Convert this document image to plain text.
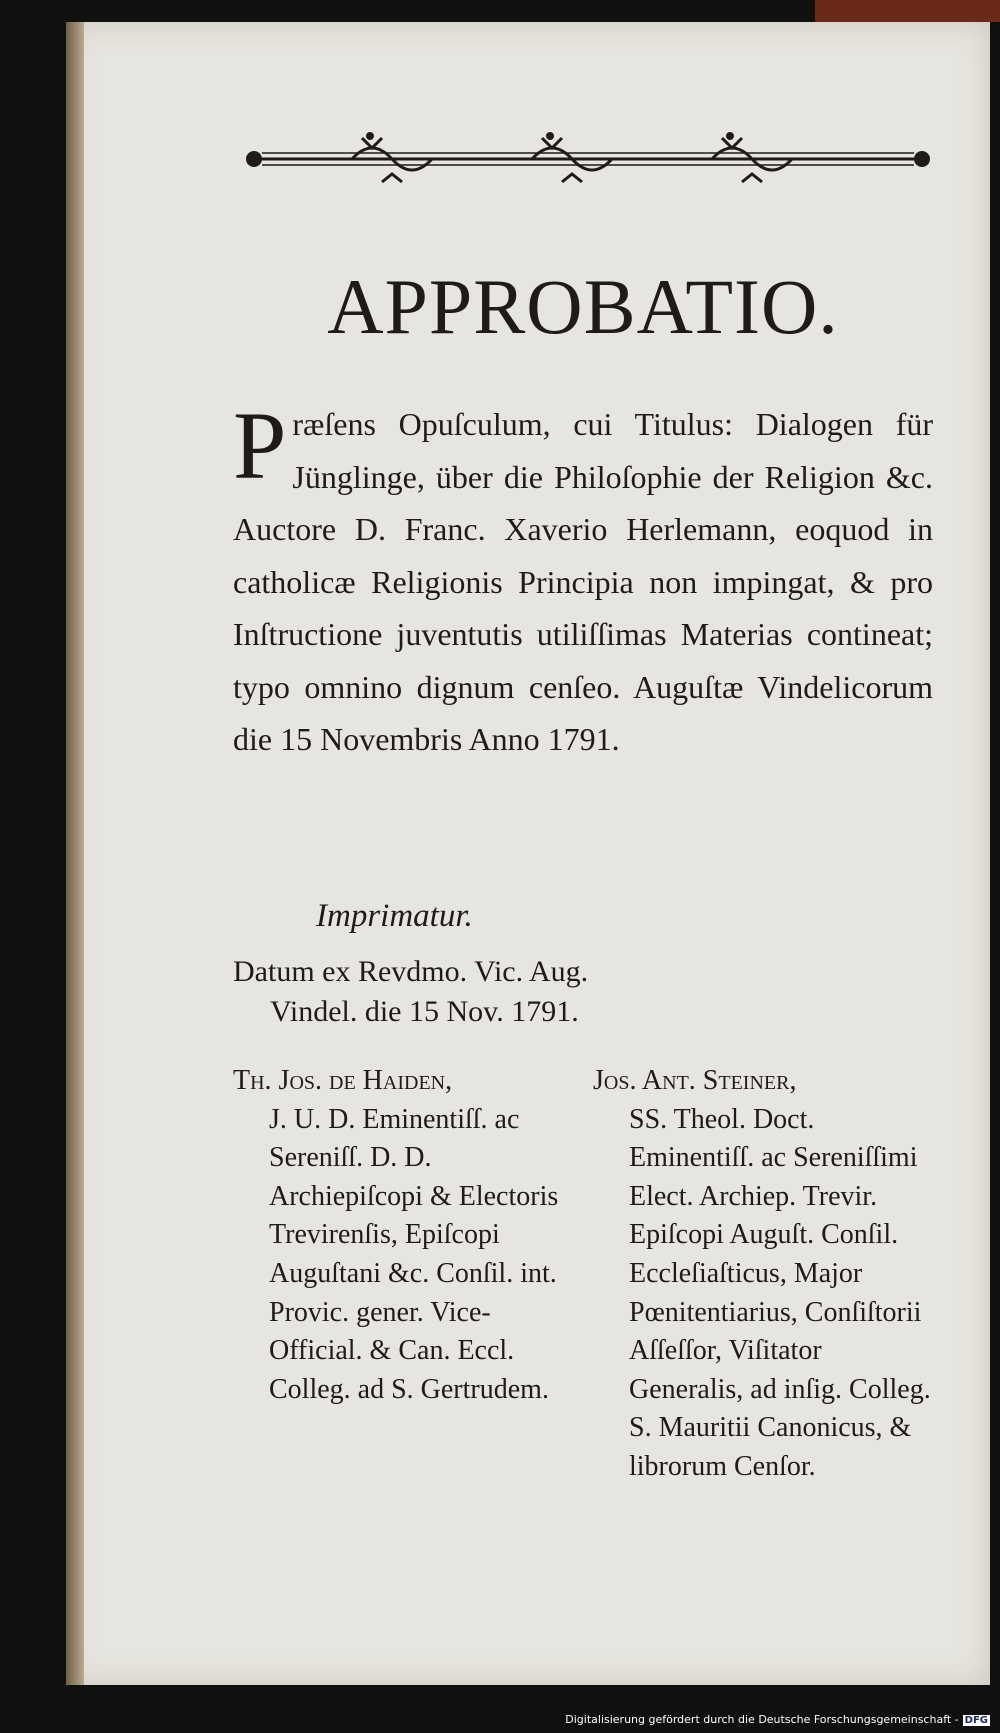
APPROBATIO.
Præſens Opuſculum, cui Titulus: Dialogen für Jünglinge, über die Philoſophie der Religion &c. Auctore D. Franc. Xaverio Herlemann, eoquod in catholicæ Religionis Principia non impingat, & pro Inſtructione juventutis utiliſſimas Materias contineat; typo omnino dignum cenſeo. Auguſtæ Vindelicorum die 15 Novembris Anno 1791.
Imprimatur.
Datum ex Revdmo. Vic. Aug. Vindel. die 15 Nov. 1791.
Th. Jos. de Haiden,
J. U. D. Eminentiſſ. ac Sereniſſ. D. D. Archiepiſcopi & Electoris Trevirenſis, Epiſcopi Auguſtani &c. Conſil. int. Provic. gener. Vice-Official. & Can. Eccl. Colleg. ad S. Gertrudem.
Jos. Ant. Steiner,
SS. Theol. Doct. Eminentiſſ. ac Sereniſſimi Elect. Archiep. Trevir. Epiſcopi Auguſt. Conſil. Eccleſiaſticus, Major Pœnitentiarius, Conſiſtorii Aſſeſſor, Viſitator Generalis, ad inſig. Colleg. S. Mauritii Canonicus, & librorum Cenſor.
Digitalisierung gefördert durch die Deutsche Forschungsgemeinschaft - DFG
